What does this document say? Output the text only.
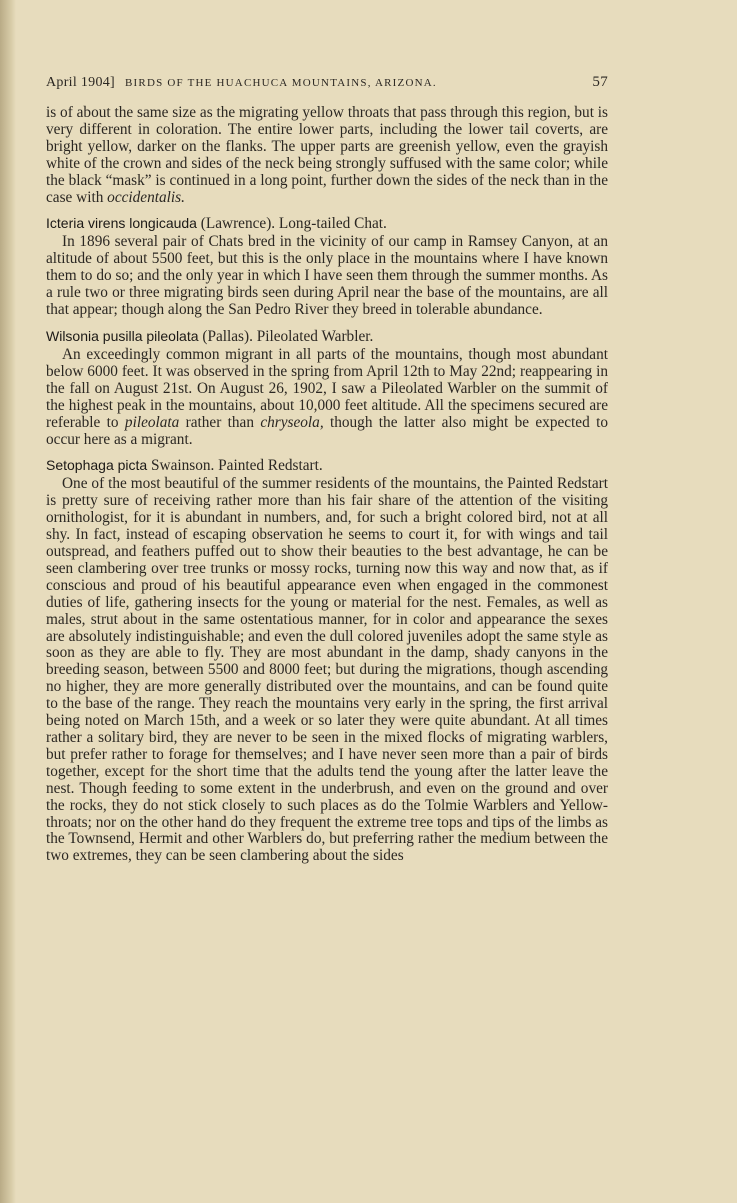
April 1904] BIRDS OF THE HUACHUCA MOUNTAINS, ARIZONA.	57

is of about the same size as the migrating yellow throats that pass through this region, but is very different in coloration. The entire lower parts, including the lower tail coverts, are bright yellow, darker on the flanks. The upper parts are greenish yellow, even the grayish white of the crown and sides of the neck being strongly suffused with the same color; while the black “mask” is continued in a long point, further down the sides of the neck than in the case with occidentalis.

Icteria virens longicauda (Lawrence). Long-tailed Chat.

In 1896 several pair of Chats bred in the vicinity of our camp in Ramsey Canyon, at an altitude of about 5500 feet, but this is the only place in the mountains where I have known them to do so; and the only year in which I have seen them through the summer months. As a rule two or three migrating birds seen during April near the base of the mountains, are all that appear; though along the San Pedro River they breed in tolerable abundance.

Wilsonia pusilla pileolata (Pallas). Pileolated Warbler.

An exceedingly common migrant in all parts of the mountains, though most abundant below 6000 feet. It was observed in the spring from April 12th to May 22nd; reappearing in the fall on August 21st. On August 26, 1902, I saw a Pileolated Warbler on the summit of the highest peak in the mountains, about 10,000 feet altitude. All the specimens secured are referable to pileolata rather than chryseola, though the latter also might be expected to occur here as a migrant.

Setophaga picta Swainson. Painted Redstart.

One of the most beautiful of the summer residents of the mountains, the Painted Redstart is pretty sure of receiving rather more than his fair share of the attention of the visiting ornithologist, for it is abundant in numbers, and, for such a bright colored bird, not at all shy. In fact, instead of escaping observation he seems to court it, for with wings and tail outspread, and feathers puffed out to show their beauties to the best advantage, he can be seen clambering over tree trunks or mossy rocks, turning now this way and now that, as if conscious and proud of his beautiful appearance even when engaged in the commonest duties of life, gathering insects for the young or material for the nest. Females, as well as males, strut about in the same ostentatious manner, for in color and appearance the sexes are absolutely indistinguishable; and even the dull colored juveniles adopt the same style as soon as they are able to fly. They are most abundant in the damp, shady canyons in the breeding season, between 5500 and 8000 feet; but during the migrations, though ascending no higher, they are more generally distributed over the mountains, and can be found quite to the base of the range. They reach the mountains very early in the spring, the first arrival being noted on March 15th, and a week or so later they were quite abundant. At all times rather a solitary bird, they are never to be seen in the mixed flocks of migrating warblers, but prefer rather to forage for themselves; and I have never seen more than a pair of birds together, except for the short time that the adults tend the young after the latter leave the nest. Though feeding to some extent in the underbrush, and even on the ground and over the rocks, they do not stick closely to such places as do the Tolmie Warblers and Yellow-throats; nor on the other hand do they frequent the extreme tree tops and tips of the limbs as the Townsend, Hermit and other Warblers do, but preferring rather the medium between the two extremes, they can be seen clambering about the sides
